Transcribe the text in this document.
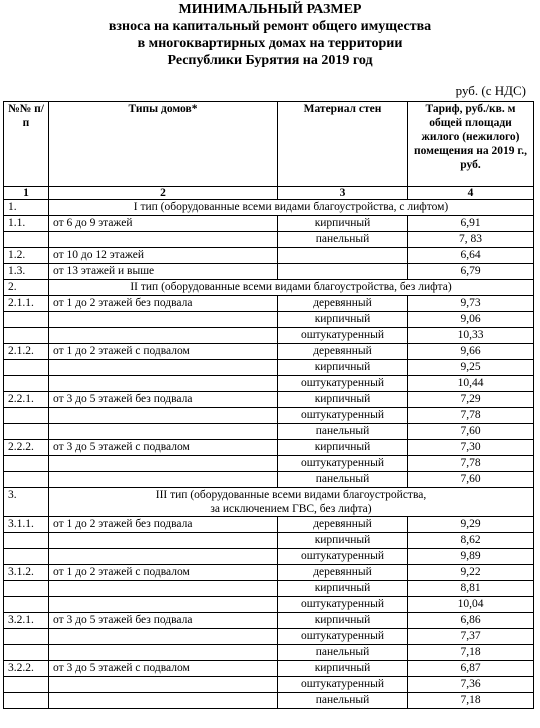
МИНИМАЛЬНЫЙ РАЗМЕР
взноса на капитальный ремонт общего имущества
в многоквартирных домах на территории
Республики Бурятия на 2019 год
руб. (с НДС)
№№ п/п	Типы домов*	Материал стен	Тариф, руб./кв. м общей площади жилого (нежилого) помещения на 2019 г., руб.
1	2	3	4
1.	I тип (оборудованные всеми видами благоустройства, с лифтом)		
1.1.	от 6 до 9 этажей	кирпичный	6,91
		панельный	7, 83
1.2.	от 10 до 12 этажей		6,64
1.3.	от 13 этажей и выше		6,79
2.	II тип (оборудованные всеми видами благоустройства, без лифта)		
2.1.1.	от 1 до 2 этажей без подвала	деревянный	9,73
		кирпичный	9,06
		оштукатуренный	10,33
2.1.2.	от 1 до 2 этажей с подвалом	деревянный	9,66
		кирпичный	9,25
		оштукатуренный	10,44
2.2.1.	от 3 до 5 этажей без подвала	кирпичный	7,29
		оштукатуренный	7,78
		панельный	7,60
2.2.2.	от 3 до 5 этажей с подвалом	кирпичный	7,30
		оштукатуренный	7,78
		панельный	7,60
3.	III тип (оборудованные всеми видами благоустройства,
за исключением ГВС, без лифта)		

3.1.1.	от 1 до 2 этажей без подвала	деревянный	9,29
		кирпичный	8,62
		оштукатуренный	9,89
3.1.2.	от 1 до 2 этажей с подвалом	деревянный	9,22
		кирпичный	8,81
		оштукатуренный	10,04
3.2.1.	от 3 до 5 этажей без подвала	кирпичный	6,86
		оштукатуренный	7,37
		панельный	7,18
3.2.2.	от 3 до 5 этажей с подвалом	кирпичный	6,87
		оштукатуренный	7,36
		панельный	7,18
